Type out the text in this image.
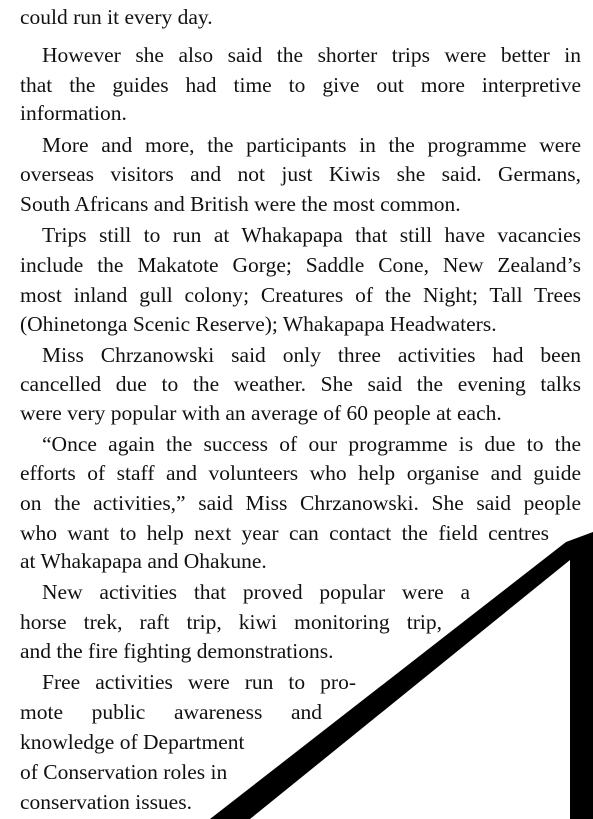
could run it every day.
However she also said the shorter trips were better in
that the guides had time to give out more interpretive
information.
More and more, the participants in the programme were
overseas visitors and not just Kiwis she said. Germans,
South Africans and British were the most common.
Trips still to run at Whakapapa that still have vacancies
include the Makatote Gorge; Saddle Cone, New Zealand’s
most inland gull colony; Creatures of the Night; Tall Trees
(Ohinetonga Scenic Reserve); Whakapapa Headwaters.
Miss Chrzanowski said only three activities had been
cancelled due to the weather. She said the evening talks
were very popular with an average of 60 people at each.
“Once again the success of our programme is due to the
efforts of staff and volunteers who help organise and guide
on the activities,” said Miss Chrzanowski. She said people
who want to help next year can contact the field centres
at Whakapapa and Ohakune.
New activities that proved popular were a
horse trek, raft trip, kiwi monitoring trip,
and the fire fighting demonstrations.
Free activities were run to pro-
mote public awareness and
knowledge of Department
of Conservation roles in
conservation issues.
